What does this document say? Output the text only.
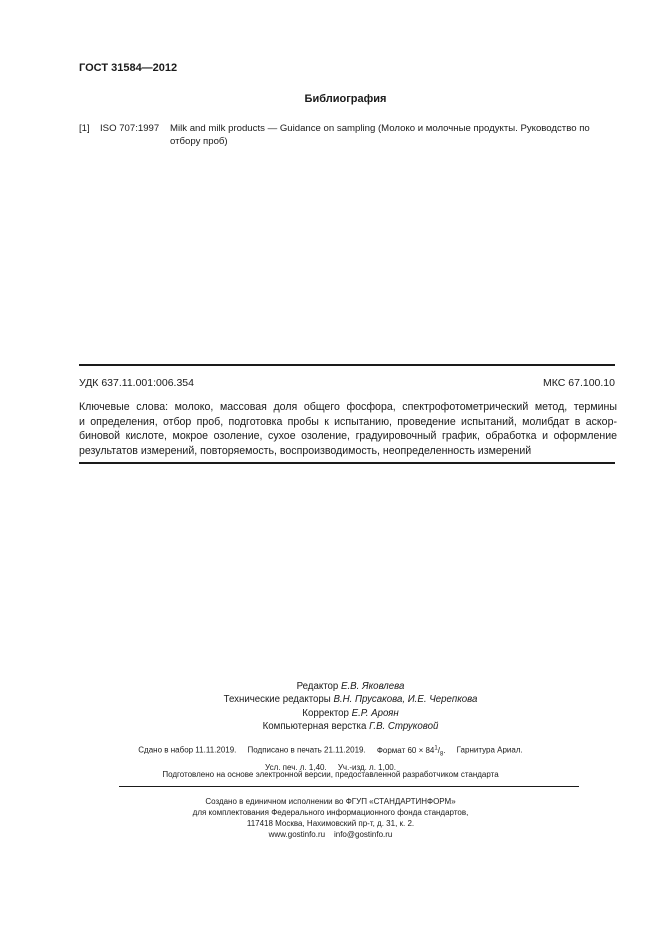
ГОСТ 31584—2012
Библиография
[1] ISO 707:1997 Milk and milk products — Guidance on sampling (Молоко и молочные продукты. Руководство по отбору проб)
УДК 637.11.001:006.354	МКС 67.100.10
Ключевые слова: молоко, массовая доля общего фосфора, спектрофотометрический метод, термины
и определения, отбор проб, подготовка пробы к испытанию, проведение испытаний, молибдат в аскор-
биновой кислоте, мокрое озоление, сухое озоление, градуировочный график, обработка и оформление
результатов измерений, повторяемость, воспроизводимость, неопределенность измерений
Редактор Е.В. Яковлева
Технические редакторы В.Н. Прусакова, И.Е. Черепкова
Корректор Е.Р. Ароян
Компьютерная верстка Г.В. Струковой
Сдано в набор 11.11.2019. Подписано в печать 21.11.2019. Формат $60 \times 84^1/_8$. Гарнитура Ариал.
Усл. печ. л. 1,40. Уч.-изд. л. 1,00.
Подготовлено на основе электронной версии, предоставленной разработчиком стандарта
Создано в единичном исполнении во ФГУП «СТАНДАРТИНФОРМ»
для комплектования Федерального информационного фонда стандартов,
117418 Москва, Нахимовский пр-т, д. 31, к. 2.
www.gostinfo.ru    info@gostinfo.ru
